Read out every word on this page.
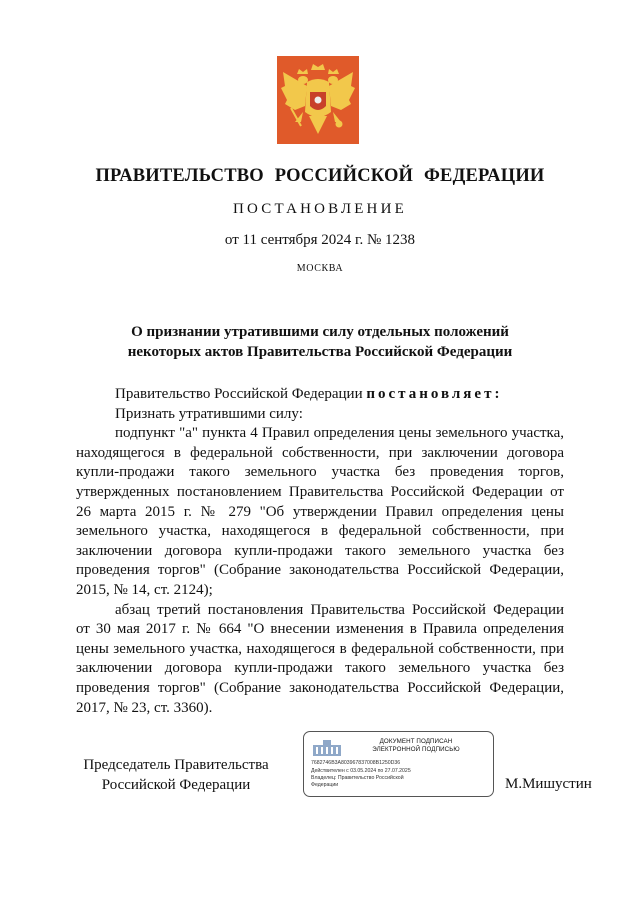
ПРАВИТЕЛЬСТВО РОССИЙСКОЙ ФЕДЕРАЦИИ
ПОСТАНОВЛЕНИЕ
от 11 сентября 2024 г. № 1238
МОСКВА
О признании утратившими силу отдельных положений
некоторых актов Правительства Российской Федерации

Правительство Российской Федерации постановляет:

Признать утратившими силу:

подпункт "а" пункта 4 Правил определения цены земельного участка, находящегося в федеральной собственности, при заключении договора купли-продажи такого земельного участка без проведения торгов, утвержденных постановлением Правительства Российской Федерации от 26 марта 2015 г. № 279 "Об утверждении Правил определения цены земельного участка, находящегося в федеральной собственности, при заключении договора купли-продажи такого земельного участка без проведения торгов" (Собрание законодательства Российской Федерации, 2015, № 14, ст. 2124);

абзац третий постановления Правительства Российской Федерации от 30 мая 2017 г. № 664 "О внесении изменения в Правила определения цены земельного участка, находящегося в федеральной собственности, при заключении договора купли-продажи такого земельного участка без проведения торгов" (Собрание законодательства Российской Федерации, 2017, № 23, ст. 3360).

Председатель Правительства
Российской Федерации
ДОКУМЕНТ ПОДПИСАН
ЭЛЕКТРОННОЙ ПОДПИСЬЮ
7682746B3A803967837008B1250D36
Действителен с 03.05.2024 по 27.07.2025
Владелец: Правительство Российской
Федерации	М.Мишустин
